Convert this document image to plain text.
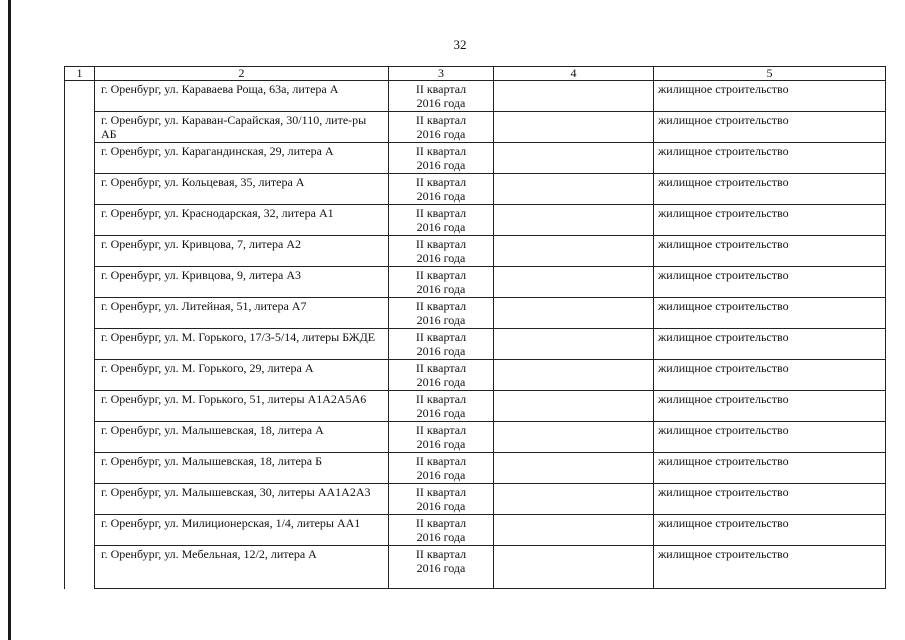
32
1	2	3	4	5
	г. Оренбург, ул. Караваева Роща, 63а, литера А	II квартал
2016 года		жилищное строительство
	г. Оренбург, ул. Караван-Сарайская, 30/110, лите-ры АБ	II квартал
2016 года		жилищное строительство
	г. Оренбург, ул. Карагандинская, 29, литера А	II квартал
2016 года		жилищное строительство
	г. Оренбург, ул. Кольцевая, 35, литера А	II квартал
2016 года		жилищное строительство
	г. Оренбург, ул. Краснодарская, 32, литера А1	II квартал
2016 года		жилищное строительство
	г. Оренбург, ул. Кривцова, 7, литера А2	II квартал
2016 года		жилищное строительство
	г. Оренбург, ул. Кривцова, 9, литера А3	II квартал
2016 года		жилищное строительство
	г. Оренбург, ул. Литейная, 51, литера А7	II квартал
2016 года		жилищное строительство
	г. Оренбург, ул. М. Горького, 17/3-5/14, литеры БЖДЕ	II квартал
2016 года		жилищное строительство
	г. Оренбург, ул. М. Горького, 29, литера А	II квартал
2016 года		жилищное строительство
	г. Оренбург, ул. М. Горького, 51, литеры А1А2А5А6	II квартал
2016 года		жилищное строительство
	г. Оренбург, ул. Малышевская, 18, литера А	II квартал
2016 года		жилищное строительство
	г. Оренбург, ул. Малышевская, 18, литера Б	II квартал
2016 года		жилищное строительство
	г. Оренбург, ул. Малышевская, 30, литеры АА1А2А3	II квартал
2016 года		жилищное строительство
	г. Оренбург, ул. Милиционерская, 1/4, литеры АА1	II квартал
2016 года		жилищное строительство
	г. Оренбург, ул. Мебельная, 12/2, литера А	II квартал
2016 года		жилищное строительство
